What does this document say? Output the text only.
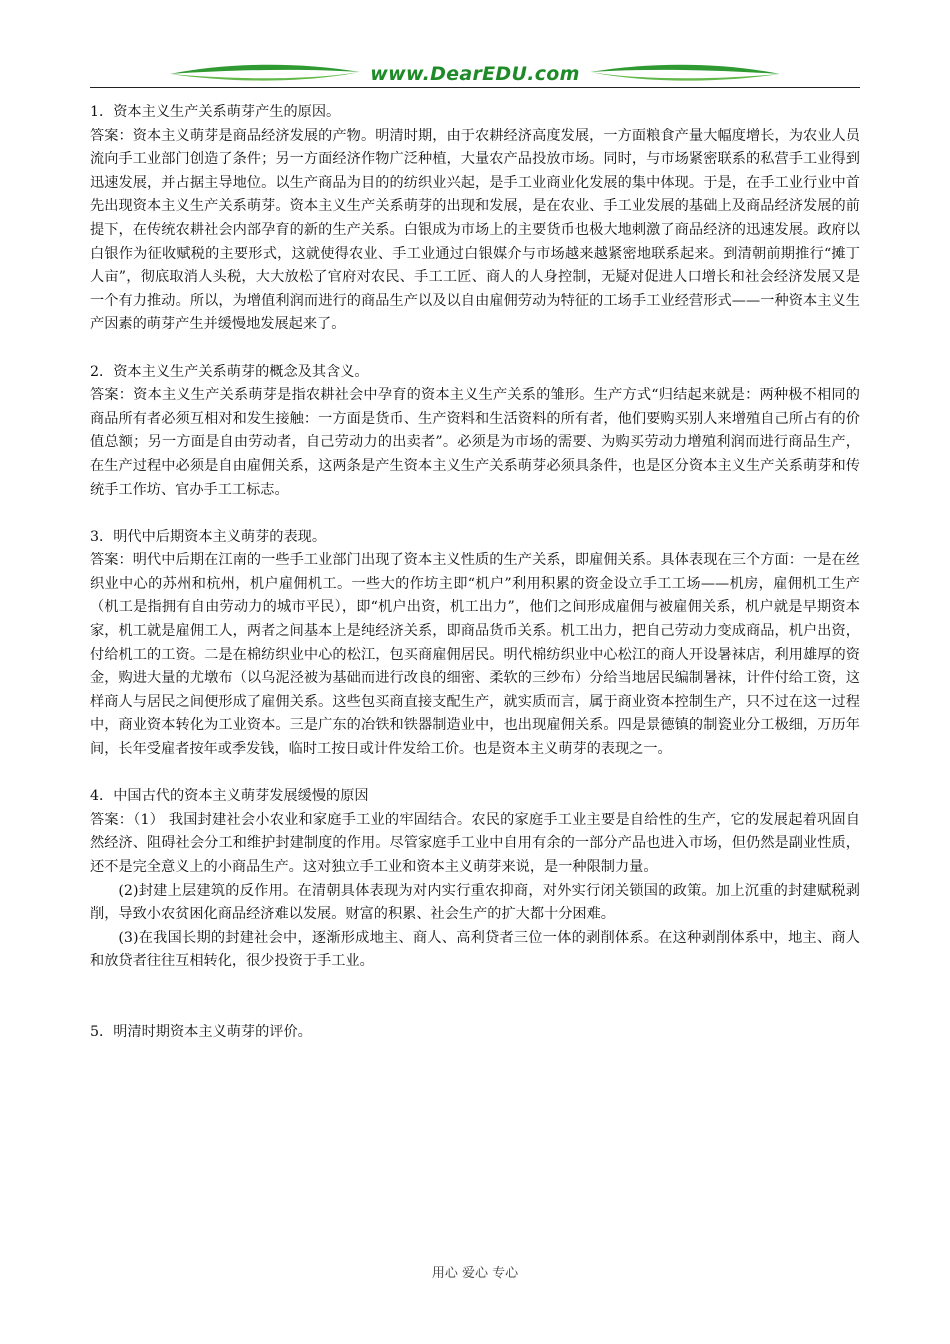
www.DearEDU.com

1．资本主义生产关系萌芽产生的原因。

答案：资本主义萌芽是商品经济发展的产物。明清时期，由于农耕经济高度发展，一方面粮食产量大幅度增长，为农业人员流向手工业部门创造了条件；另一方面经济作物广泛种植，大量农产品投放市场。同时，与市场紧密联系的私营手工业得到迅速发展，并占据主导地位。以生产商品为目的的纺织业兴起，是手工业商业化发展的集中体现。于是，在手工业行业中首先出现资本主义生产关系萌芽。资本主义生产关系萌芽的出现和发展，是在农业、手工业发展的基础上及商品经济发展的前提下，在传统农耕社会内部孕育的新的生产关系。白银成为市场上的主要货币也极大地刺激了商品经济的迅速发展。政府以白银作为征收赋税的主要形式，这就使得农业、手工业通过白银媒介与市场越来越紧密地联系起来。到清朝前期推行“摊丁人亩”，彻底取消人头税，大大放松了官府对农民、手工工匠、商人的人身控制，无疑对促进人口增长和社会经济发展又是一个有力推动。所以，为增值利润而进行的商品生产以及以自由雇佣劳动为特征的工场手工业经营形式——一种资本主义生产因素的萌芽产生并缓慢地发展起来了。

2．资本主义生产关系萌芽的概念及其含义。

答案：资本主义生产关系萌芽是指农耕社会中孕育的资本主义生产关系的雏形。生产方式“归结起来就是：两种极不相同的商品所有者必须互相对和发生接触：一方面是货币、生产资料和生活资料的所有者，他们要购买别人来增殖自己所占有的价值总额；另一方面是自由劳动者，自己劳动力的出卖者”。必须是为市场的需要、为购买劳动力增殖利润而进行商品生产，在生产过程中必须是自由雇佣关系，这两条是产生资本主义生产关系萌芽必须具条件，也是区分资本主义生产关系萌芽和传统手工作坊、官办手工工标志。

3．明代中后期资本主义萌芽的表现。

答案：明代中后期在江南的一些手工业部门出现了资本主义性质的生产关系，即雇佣关系。具体表现在三个方面：一是在丝织业中心的苏州和杭州，机户雇佣机工。一些大的作坊主即“机户”利用积累的资金设立手工工场——机房，雇佣机工生产（机工是指拥有自由劳动力的城市平民），即“机户出资，机工出力”，他们之间形成雇佣与被雇佣关系，机户就是早期资本家，机工就是雇佣工人，两者之间基本上是纯经济关系，即商品货币关系。机工出力，把自己劳动力变成商品，机户出资，付给机工的工资。二是在棉纺织业中心的松江，包买商雇佣居民。明代棉纺织业中心松江的商人开设暑袜店，利用雄厚的资金，购进大量的尤墩布（以乌泥泾被为基础而进行改良的细密、柔软的三纱布）分给当地居民编制暑袜，计件付给工资，这样商人与居民之间便形成了雇佣关系。这些包买商直接支配生产，就实质而言，属于商业资本控制生产，只不过在这一过程中，商业资本转化为工业资本。三是广东的冶铁和铁器制造业中，也出现雇佣关系。四是景德镇的制瓷业分工极细，万历年间，长年受雇者按年或季发钱，临时工按日或计件发给工价。也是资本主义萌芽的表现之一。

4．中国古代的资本主义萌芽发展缓慢的原因

答案：（1） 我国封建社会小农业和家庭手工业的牢固结合。农民的家庭手工业主要是自给性的生产，它的发展起着巩固自然经济、阻碍社会分工和维护封建制度的作用。尽管家庭手工业中自用有余的一部分产品也进入市场，但仍然是副业性质，还不是完全意义上的小商品生产。这对独立手工业和资本主义萌芽来说，是一种限制力量。

(2)封建上层建筑的反作用。在清朝具体表现为对内实行重农抑商，对外实行闭关锁国的政策。加上沉重的封建赋税剥削，导致小农贫困化商品经济难以发展。财富的积累、社会生产的扩大都十分困难。

(3)在我国长期的封建社会中，逐渐形成地主、商人、高利贷者三位一体的剥削体系。在这种剥削体系中，地主、商人和放贷者往往互相转化，很少投资于手工业。

5．明清时期资本主义萌芽的评价。

用心 爱心 专心
